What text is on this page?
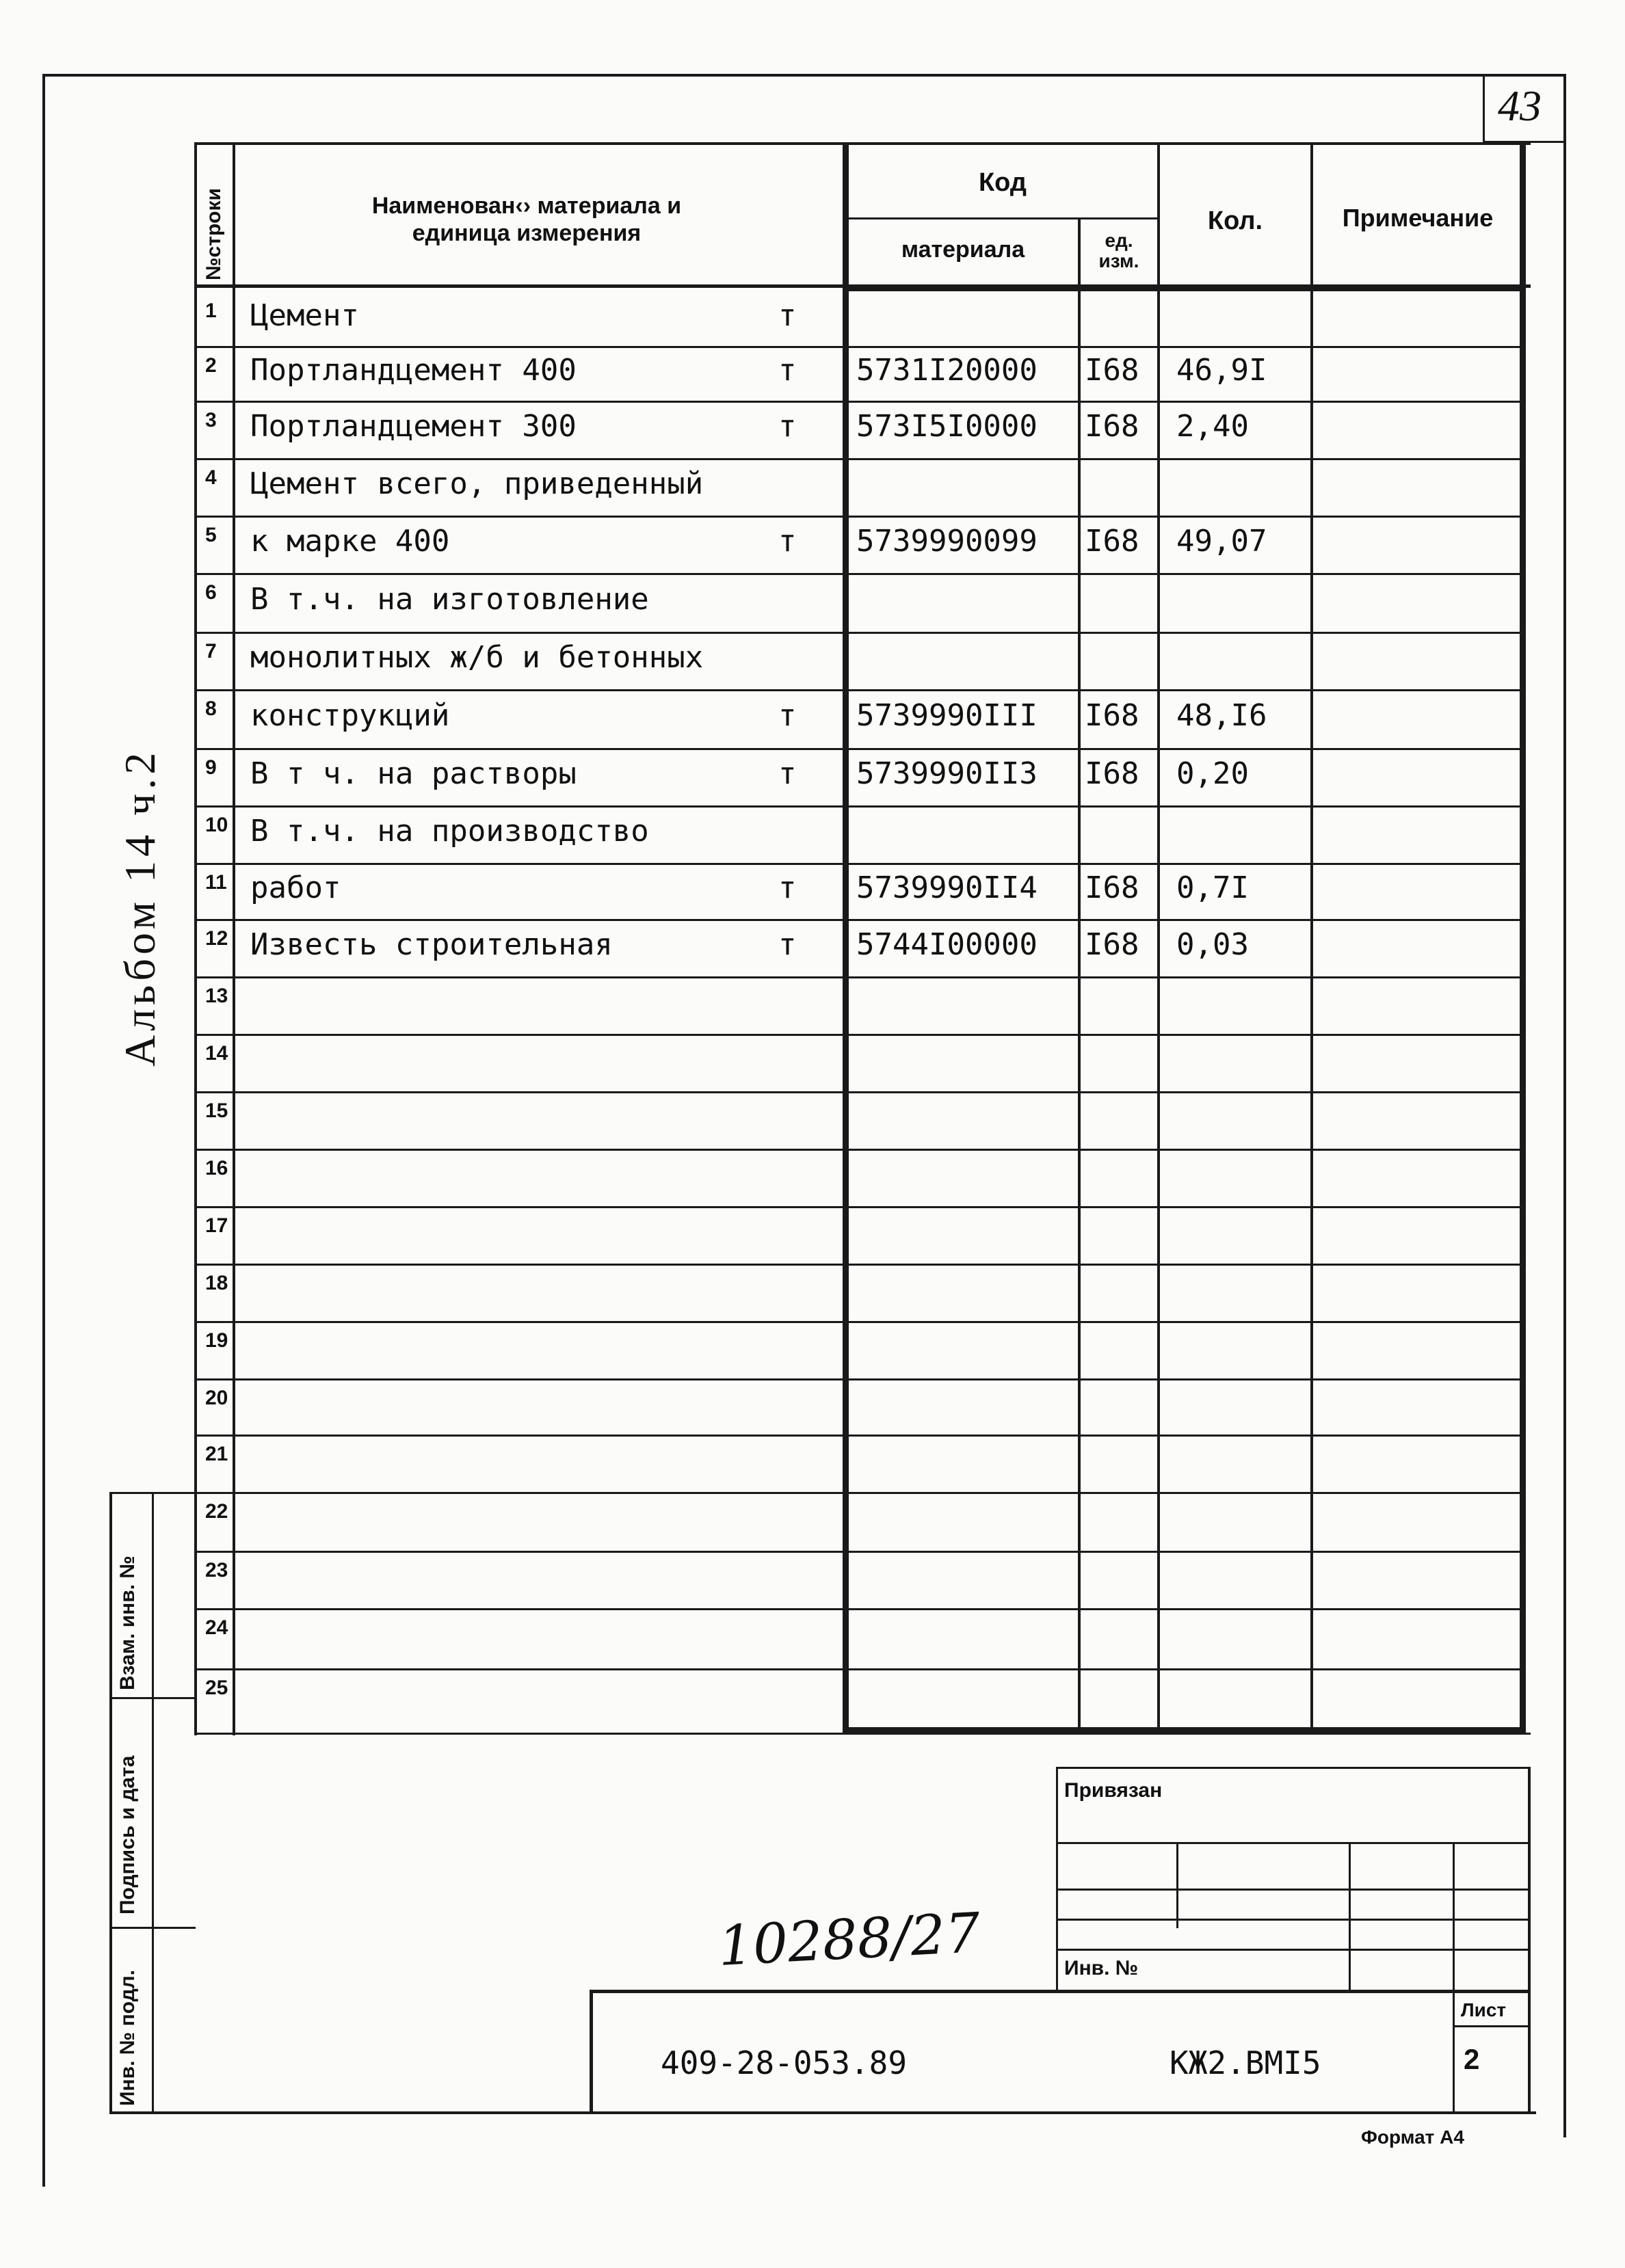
43
№строки	Наименован‹› материала и
единица измерения
Код
материала	ед.
изм.
Кол.	Примечание
1	Цемент	т
2	Портландцемент 400	т 5731I20000 I68 46,9I
3	Портландцемент 300	т 573I5I0000 I68 2,40
4	Цемент всего, приведенный
5	к марке 400	т 5739990099 I68 49,07
6	В т.ч. на изготовление
7	монолитных ж/б и бетонных
8	конструкций	т 5739990III I68 48,I6
9	В т ч. на растворы	т 5739990II3 I68 0,20
10 В т.ч. на производство
11 работ	т 5739990II4 I68 0,7I
12 Известь строительная	т 5744I00000 I68 0,03
13
14
15
16
17
18
19
20
21
22
23
24
25
Альбом 14 ч.2
Взам. инв. №
Подпись и дата
Инв. № подл.
10288/27
Привязан
Инв. №
Лист
2
409-28-053.89	КЖ2.ВМI5
Формат А4
